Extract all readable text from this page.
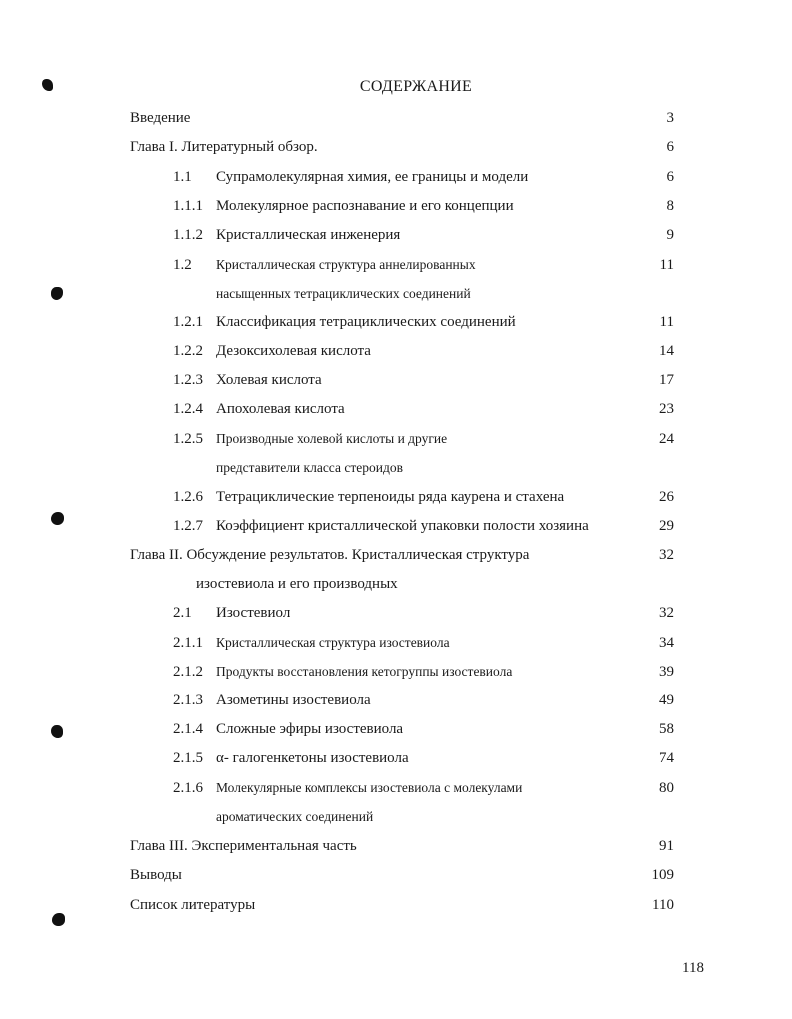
СОДЕРЖАНИЕ
Введение	3
Глава I. Литературный обзор.	6
1.1 Супрамолекулярная химия, ее границы и модели	6
1.1.1 Молекулярное распознавание и его концепции	8
1.1.2 Кристаллическая инженерия	9
1.2 Кристаллическая структура аннелированных	11
насыщенных тетрациклических соединений
1.2.1 Классификация тетрациклических соединений	11
1.2.2 Дезоксихолевая кислота	14
1.2.3 Холевая кислота	17
1.2.4 Апохолевая кислота	23
1.2.5 Производные холевой кислоты и другие	24
представители класса стероидов
1.2.6 Тетрациклические терпеноиды ряда каурена и стахена	26
1.2.7 Коэффициент кристаллической упаковки полости хозяина	29
Глава II. Обсуждение результатов. Кристаллическая структура	32
изостевиола и его производных
2.1 Изостевиол	32
2.1.1 Кристаллическая структура изостевиола	34
2.1.2 Продукты восстановления кетогруппы изостевиола	39
2.1.3 Азометины изостевиола	49
2.1.4 Сложные эфиры изостевиола	58
2.1.5 α- галогенкетоны изостевиола	74
2.1.6 Молекулярные комплексы изостевиола с молекулами	80
ароматических соединений
Глава III. Экспериментальная часть	91
Выводы	109
Список литературы	110
118
